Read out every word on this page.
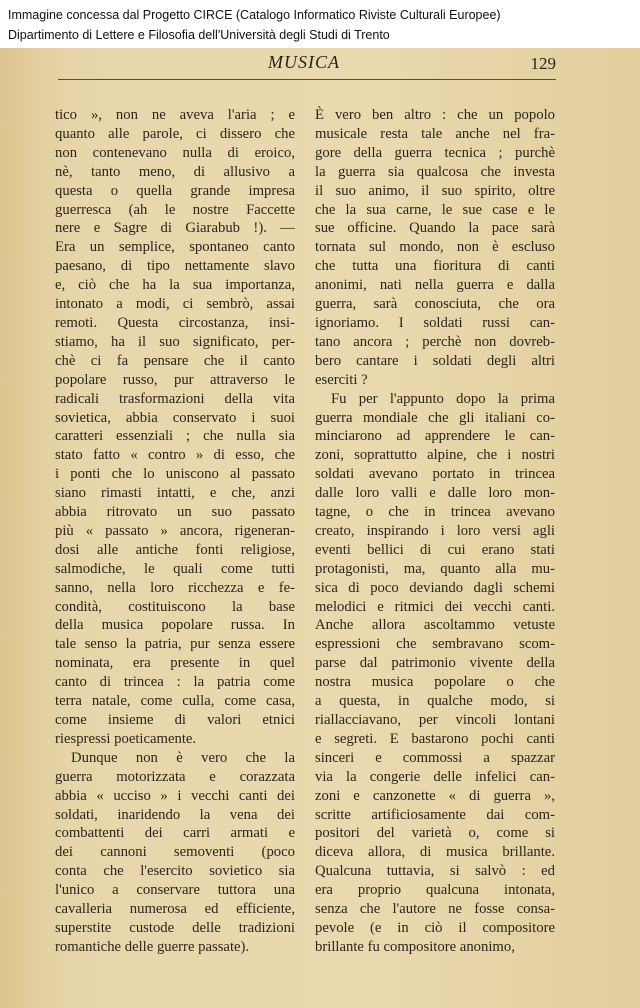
Immagine concessa dal Progetto CIRCE (Catalogo Informatico Riviste Culturali Europee)
Dipartimento di Lettere e Filosofia dell'Università degli Studi di Trento
MUSICA	129
tico », non ne aveva l'aria ; e
quanto alle parole, ci dissero che
non contenevano nulla di eroico,
nè, tanto meno, di allusivo a
questa o quella grande impresa
guerresca (ah le nostre Faccette
nere e Sagre di Giarabub !). —
Era un semplice, spontaneo canto
paesano, di tipo nettamente slavo
e, ciò che ha la sua importanza,
intonato a modi, ci sembrò, assai
remoti. Questa circostanza, insi-
stiamo, ha il suo significato, per-
chè ci fa pensare che il canto
popolare russo, pur attraverso le
radicali trasformazioni della vita
sovietica, abbia conservato i suoi
caratteri essenziali ; che nulla sia
stato fatto « contro » di esso, che
i ponti che lo uniscono al passato
siano rimasti intatti, e che, anzi
abbia ritrovato un suo passato
più « passato » ancora, rigeneran-
dosi alle antiche fonti religiose,
salmodiche, le quali come tutti
sanno, nella loro ricchezza e fe-
condità, costituiscono la base
della musica popolare russa. In
tale senso la patria, pur senza essere
nominata, era presente in quel
canto di trincea : la patria come
terra natale, come culla, come casa,
come insieme di valori etnici
riespressi poeticamente.
Dunque non è vero che la
guerra motorizzata e corazzata
abbia « ucciso » i vecchi canti dei
soldati, inaridendo la vena dei
combattenti dei carri armati e
dei cannoni semoventi (poco
conta che l'esercito sovietico sia
l'unico a conservare tuttora una
cavalleria numerosa ed efficiente,
superstite custode delle tradizioni
romantiche delle guerre passate).
È vero ben altro : che un popolo
musicale resta tale anche nel fra-
gore della guerra tecnica ; purchè
la guerra sia qualcosa che investa
il suo animo, il suo spirito, oltre
che la sua carne, le sue case e le
sue officine. Quando la pace sarà
tornata sul mondo, non è escluso
che tutta una fioritura di canti
anonimi, nati nella guerra e dalla
guerra, sarà conosciuta, che ora
ignoriamo. I soldati russi can-
tano ancora ; perchè non dovreb-
bero cantare i soldati degli altri
eserciti ?
Fu per l'appunto dopo la prima
guerra mondiale che gli italiani co-
minciarono ad apprendere le can-
zoni, soprattutto alpine, che i nostri
soldati avevano portato in trincea
dalle loro valli e dalle loro mon-
tagne, o che in trincea avevano
creato, inspirando i loro versi agli
eventi bellici di cui erano stati
protagonisti, ma, quanto alla mu-
sica di poco deviando dagli schemi
melodici e ritmici dei vecchi canti.
Anche allora ascoltammo vetuste
espressioni che sembravano scom-
parse dal patrimonio vivente della
nostra musica popolare o che
a questa, in qualche modo, si
riallacciavano, per vincoli lontani
e segreti. E bastarono pochi canti
sinceri e commossi a spazzar
via la congerie delle infelici can-
zoni e canzonette « di guerra »,
scritte artificiosamente dai com-
positori del varietà o, come si
diceva allora, di musica brillante.
Qualcuna tuttavia, si salvò : ed
era proprio qualcuna intonata,
senza che l'autore ne fosse consa-
pevole (e in ciò il compositore
brillante fu compositore anonimo,
